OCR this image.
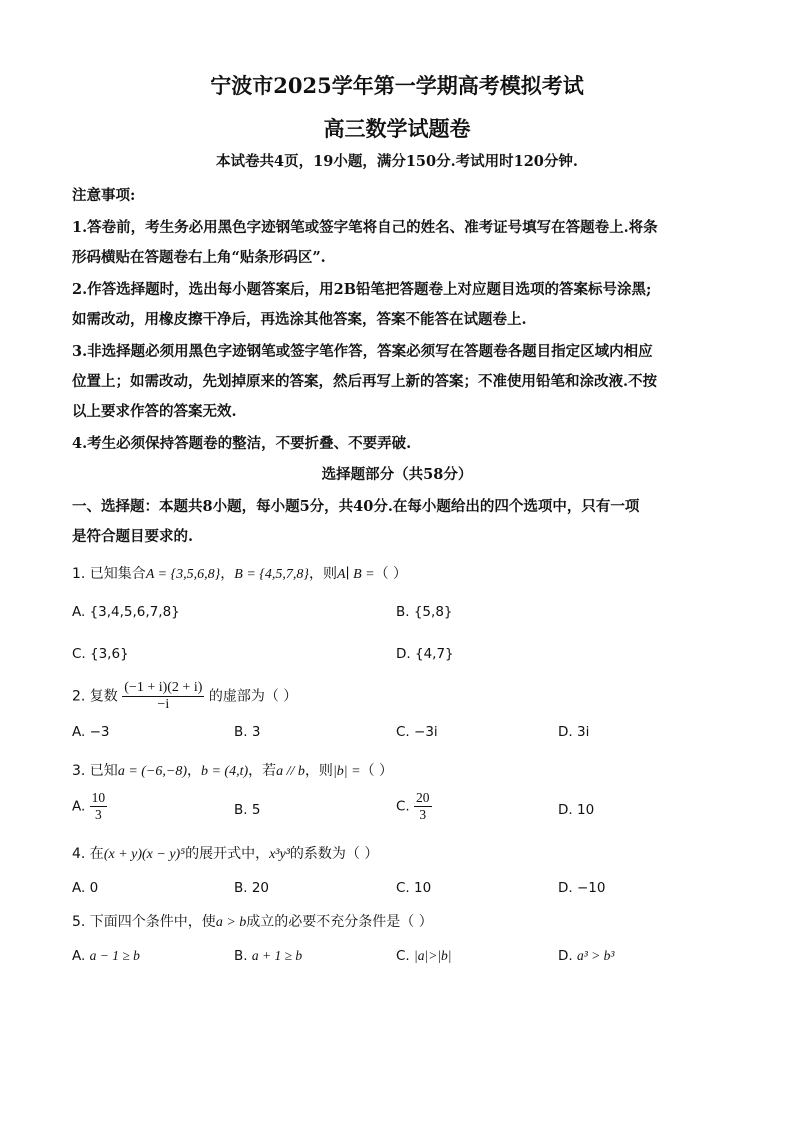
宁波市2025学年第一学期高考模拟考试
高三数学试题卷
本试卷共4页，19小题，满分150分.考试用时120分钟.
注意事项:
1.答卷前，考生务必用黑色字迹钢笔或签字笔将自己的姓名、准考证号填写在答题卷上.将条
形码横贴在答题卷右上角“贴条形码区”.
2.作答选择题时，选出每小题答案后，用2B铅笔把答题卷上对应题目选项的答案标号涂黑;
如需改动，用橡皮擦干净后，再选涂其他答案，答案不能答在试题卷上.
3.非选择题必须用黑色字迹钢笔或签字笔作答，答案必须写在答题卷各题目指定区域内相应
位置上；如需改动，先划掉原来的答案，然后再写上新的答案；不准使用铅笔和涂改液.不按
以上要求作答的答案无效.
4.考生必须保持答题卷的整洁，不要折叠、不要弄破.
选择题部分（共58分）
一、选择题：本题共8小题，每小题5分，共40分.在每小题给出的四个选项中，只有一项
是符合题目要求的.
1. 已知集合A = {3,5,6,8}，B = {4,5,7,8}，则A∣ B =（ ）
A. {3,4,5,6,7,8}	B. {5,8}
C. {3,6}	D. {4,7}
2. 复数 $\frac{(-1 + i)(2 + i)}{-i}$ 的虚部为（ ）
A. −3	B. 3	C. −3i	D. 3i
3. 已知a = (−6,−8)，b = (4,t)，若a // b，则|b| =（ ）
A. $\frac{10}{3}$	B. 5	C. $\frac{20}{3}$	D. 10
4. 在(x + y)(x − y)⁵的展开式中，x³y³的系数为（ ）
A. 0	B. 20	C. 10	D. −10
5. 下面四个条件中，使a > b成立的必要不充分条件是（ ）
A. a − 1 ≥ b	B. a + 1 ≥ b	C. |a|>|b|	D. a³ > b³
